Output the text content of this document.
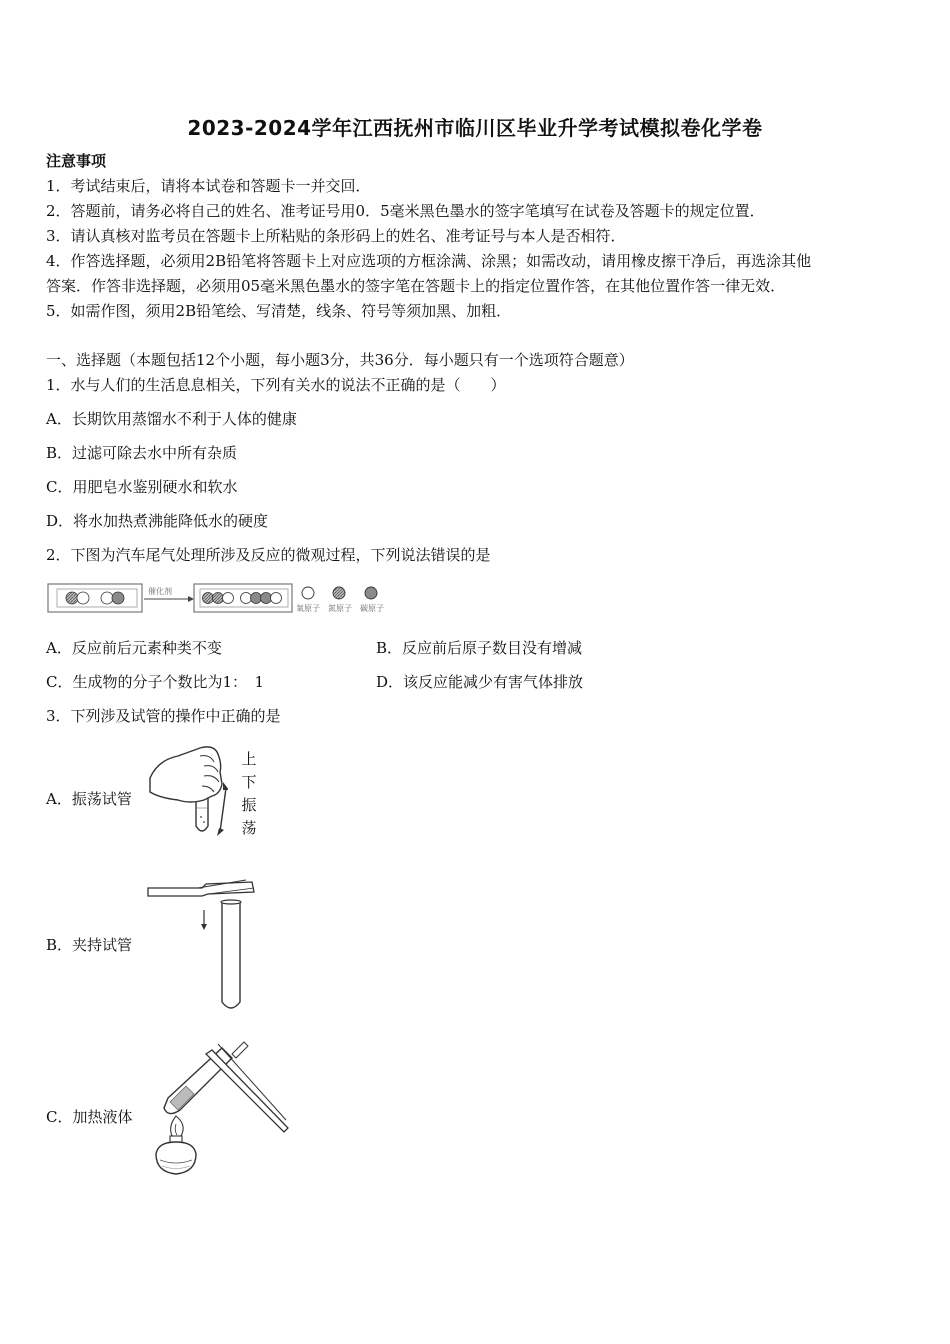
2023-2024学年江西抚州市临川区毕业升学考试模拟卷化学卷
注意事项
1．考试结束后，请将本试卷和答题卡一并交回．
2．答题前，请务必将自己的姓名、准考证号用0．5毫米黑色墨水的签字笔填写在试卷及答题卡的规定位置．
3．请认真核对监考员在答题卡上所粘贴的条形码上的姓名、准考证号与本人是否相符．
4．作答选择题，必须用2B铅笔将答题卡上对应选项的方框涂满、涂黑；如需改动，请用橡皮擦干净后，再选涂其他
答案．作答非选择题，必须用05毫米黑色墨水的签字笔在答题卡上的指定位置作答，在其他位置作答一律无效．
5．如需作图，须用2B铅笔绘、写清楚，线条、符号等须加黑、加粗．
一、选择题（本题包括12个小题，每小题3分，共36分．每小题只有一个选项符合题意）
1．水与人们的生活息息相关，下列有关水的说法不正确的是（　　）
A．长期饮用蒸馏水不利于人体的健康
B．过滤可除去水中所有杂质
C．用肥皂水鉴别硬水和软水
D．将水加热煮沸能降低水的硬度
2．下图为汽车尾气处理所涉及反应的微观过程，下列说法错误的是
催化剂
氧原子 氮原子 碳原子
A．反应前后元素种类不变	B．反应前后原子数目没有增减
C．生成物的分子个数比为1：　1	D．该反应能减少有害气体排放
3．下列涉及试管的操作中正确的是
A．振荡试管
上
下
振
荡
B．夹持试管
C．加热液体
